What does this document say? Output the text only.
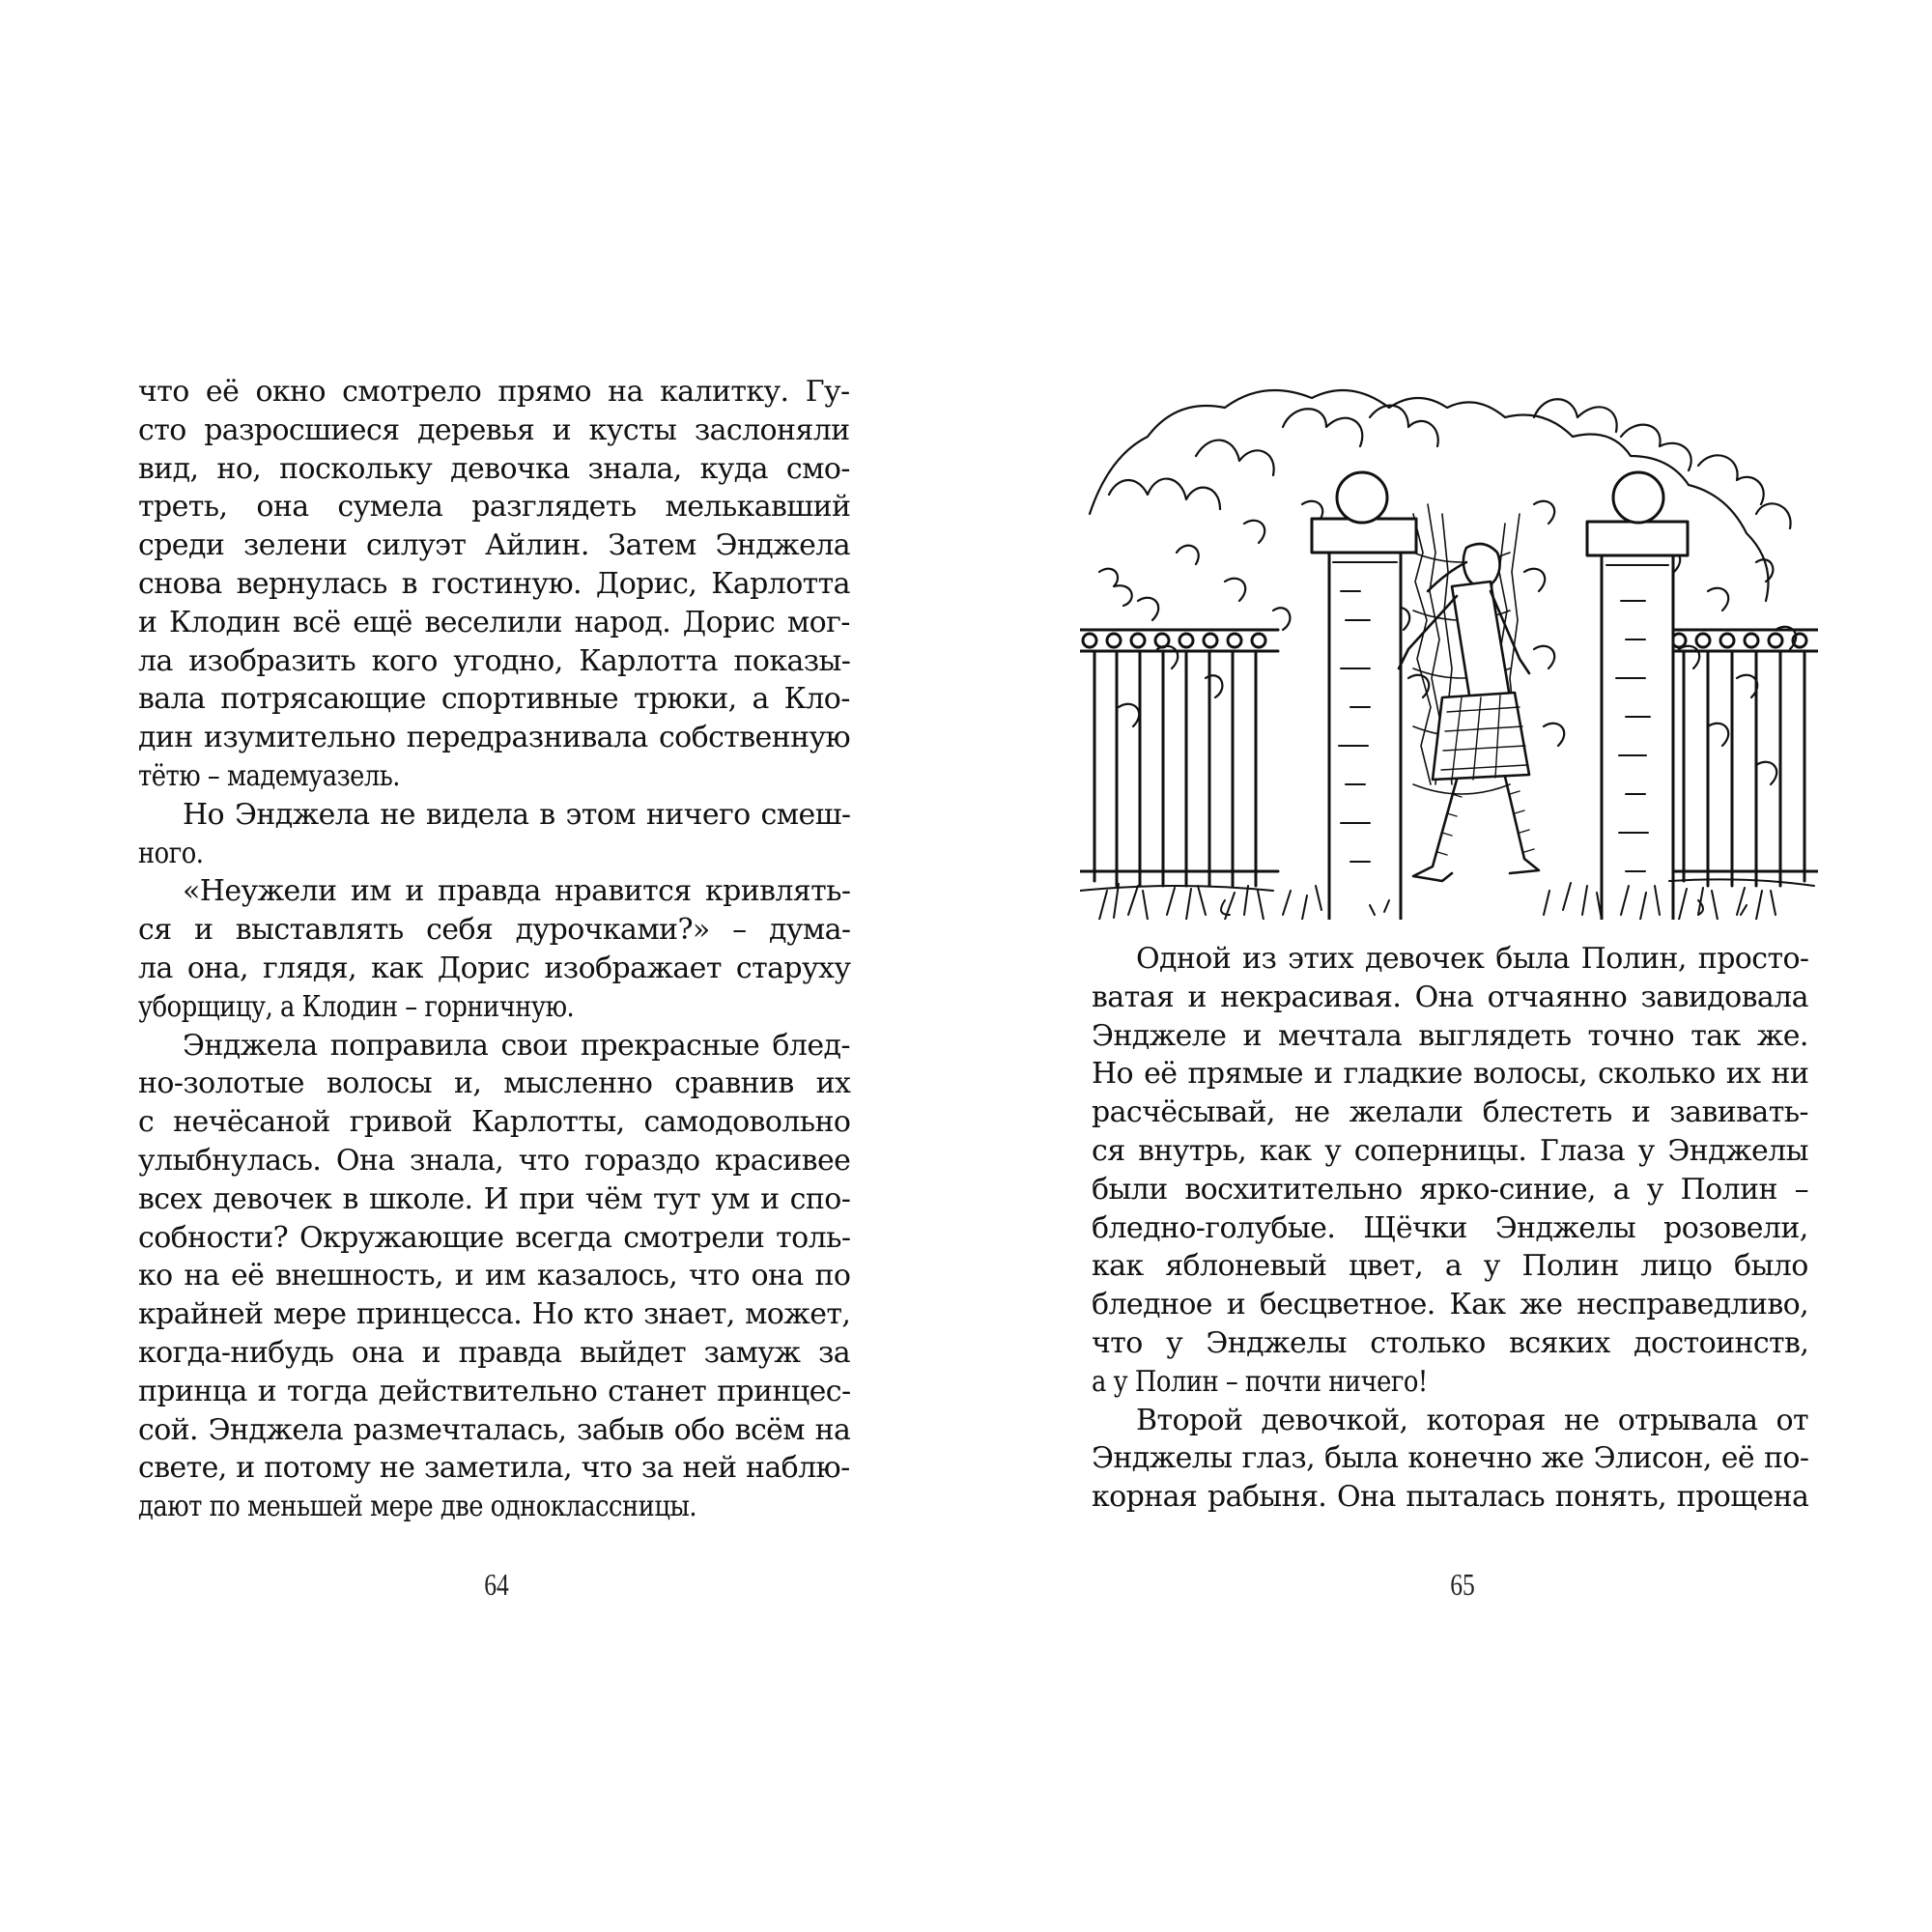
что её окно смотрело прямо на калитку. Гу-
сто разросшиеся деревья и кусты заслоняли
вид, но, поскольку девочка знала, куда смо-
треть, она сумела разглядеть мелькавший
среди зелени силуэт Айлин. Затем Энджела
снова вернулась в гостиную. Дорис, Карлотта
и Клодин всё ещё веселили народ. Дорис мог-
ла изобразить кого угодно, Карлотта показы-
вала потрясающие спортивные трюки, а Кло-
дин изумительно передразнивала собственную
тётю – мадемуазель.
Но Энджела не видела в этом ничего смеш-
ного.
«Неужели им и правда нравится кривлять-
ся и выставлять себя дурочками?» – дума-
ла она, глядя, как Дорис изображает старуху
уборщицу, а Клодин – горничную.
Энджела поправила свои прекрасные блед-
но-золотые волосы и, мысленно сравнив их
с нечёсаной гривой Карлотты, самодовольно
улыбнулась. Она знала, что гораздо красивее
всех девочек в школе. И при чём тут ум и спо-
собности? Окружающие всегда смотрели толь-
ко на её внешность, и им казалось, что она по
крайней мере принцесса. Но кто знает, может,
когда-нибудь она и правда выйдет замуж за
принца и тогда действительно станет принцес-
сой. Энджела размечталась, забыв обо всём на
свете, и потому не заметила, что за ней наблю-
дают по меньшей мере две одноклассницы.
64
Одной из этих девочек была Полин, просто-
ватая и некрасивая. Она отчаянно завидовала
Энджеле и мечтала выглядеть точно так же.
Но её прямые и гладкие волосы, сколько их ни
расчёсывай, не желали блестеть и завивать-
ся внутрь, как у соперницы. Глаза у Энджелы
были восхитительно ярко-синие, а у Полин –
бледно-голубые. Щёчки Энджелы розовели,
как яблоневый цвет, а у Полин лицо было
бледное и бесцветное. Как же несправедливо,
что у Энджелы столько всяких достоинств,
а у Полин – почти ничего!
Второй девочкой, которая не отрывала от
Энджелы глаз, была конечно же Элисон, её по-
корная рабыня. Она пыталась понять, прощена
65
